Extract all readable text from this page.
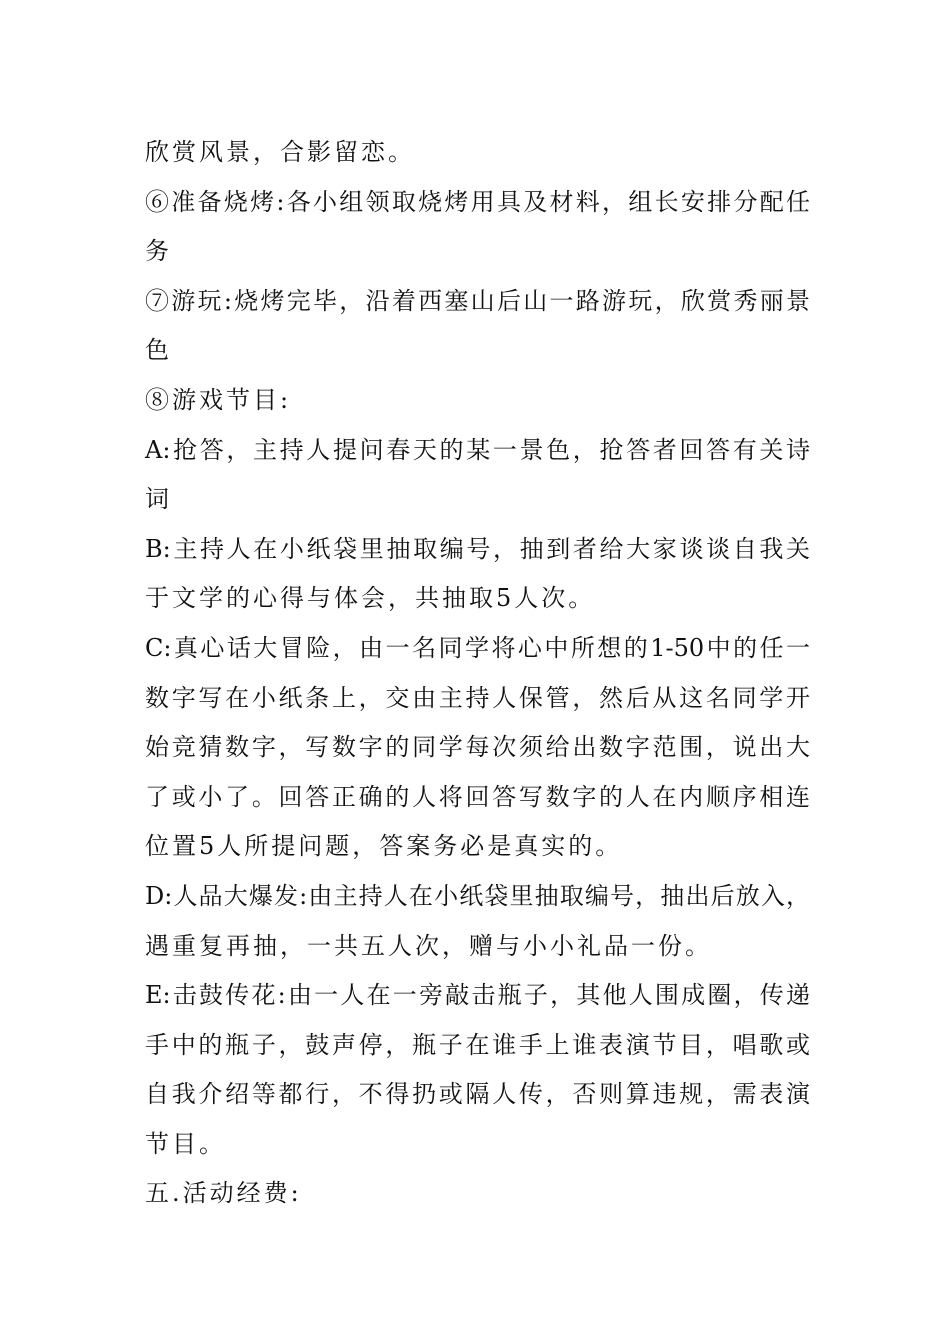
欣赏风景，合影留恋。
⑥准备烧烤:各小组领取烧烤用具及材料，组长安排分配任
务
⑦游玩:烧烤完毕，沿着西塞山后山一路游玩，欣赏秀丽景
色
⑧游戏节目:
A:抢答，主持人提问春天的某一景色，抢答者回答有关诗
词
B:主持人在小纸袋里抽取编号，抽到者给大家谈谈自我关
于文学的心得与体会，共抽取5人次。
C:真心话大冒险，由一名同学将心中所想的1-50中的任一
数字写在小纸条上，交由主持人保管，然后从这名同学开
始竞猜数字，写数字的同学每次须给出数字范围，说出大
了或小了。回答正确的人将回答写数字的人在内顺序相连
位置5人所提问题，答案务必是真实的。
D:人品大爆发:由主持人在小纸袋里抽取编号，抽出后放入，
遇重复再抽，一共五人次，赠与小小礼品一份。
E:击鼓传花:由一人在一旁敲击瓶子，其他人围成圈，传递
手中的瓶子，鼓声停，瓶子在谁手上谁表演节目，唱歌或
自我介绍等都行，不得扔或隔人传，否则算违规，需表演
节目。
五.活动经费:
